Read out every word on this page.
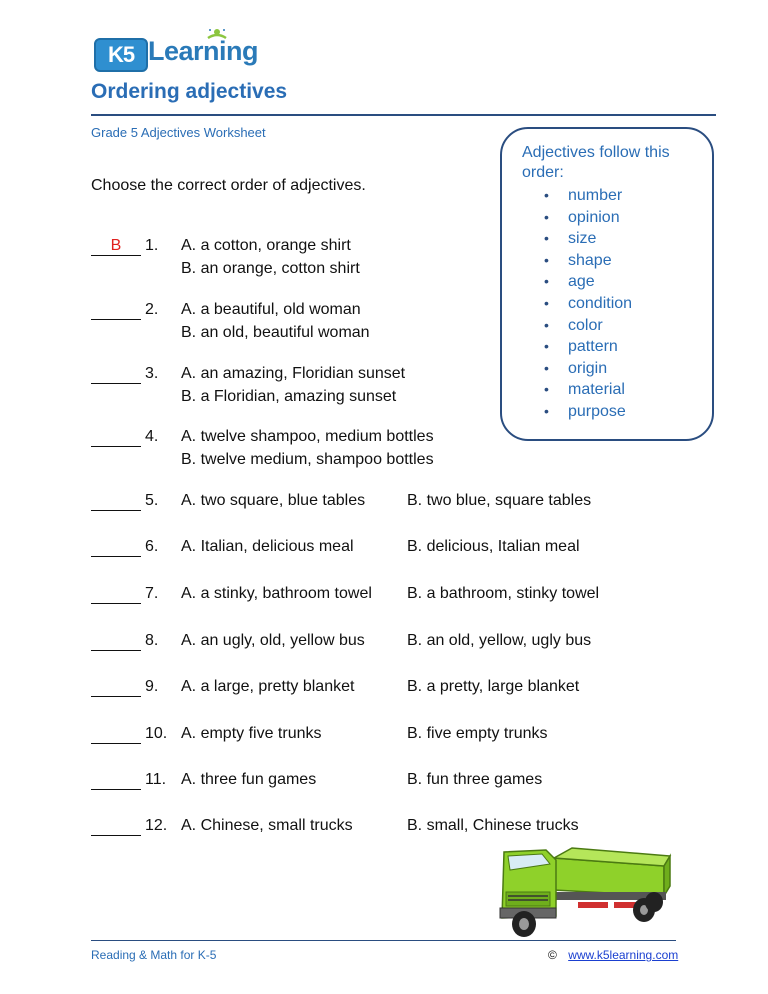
K5 Learning
Ordering adjectives
Grade 5 Adjectives Worksheet
Adjectives follow this order:
• number
• opinion
• size
• shape
• age
• condition
• color
• pattern
• origin
• material
• purpose
Choose the correct order of adjectives.
B	1. A. a cotton, orange shirt
B. an orange, cotton shirt
2. A. a beautiful, old woman
B. an old, beautiful woman
3. A. an amazing, Floridian sunset
B. a Floridian, amazing sunset
4. A. twelve shampoo, medium bottles
B. twelve medium, shampoo bottles
5. A. two square, blue tables	B. two blue, square tables
6. A. Italian, delicious meal	B. delicious, Italian meal
7. A. a stinky, bathroom towel B. a bathroom, stinky towel
8. A. an ugly, old, yellow bus	B. an old, yellow, ugly bus
9. A. a large, pretty blanket	B. a pretty, large blanket
10. A. empty five trunks	B. five empty trunks
11. A. three fun games	B. fun three games
12. A. Chinese, small trucks	B. small, Chinese trucks
Reading & Math for K-5	© www.k5learning.com
